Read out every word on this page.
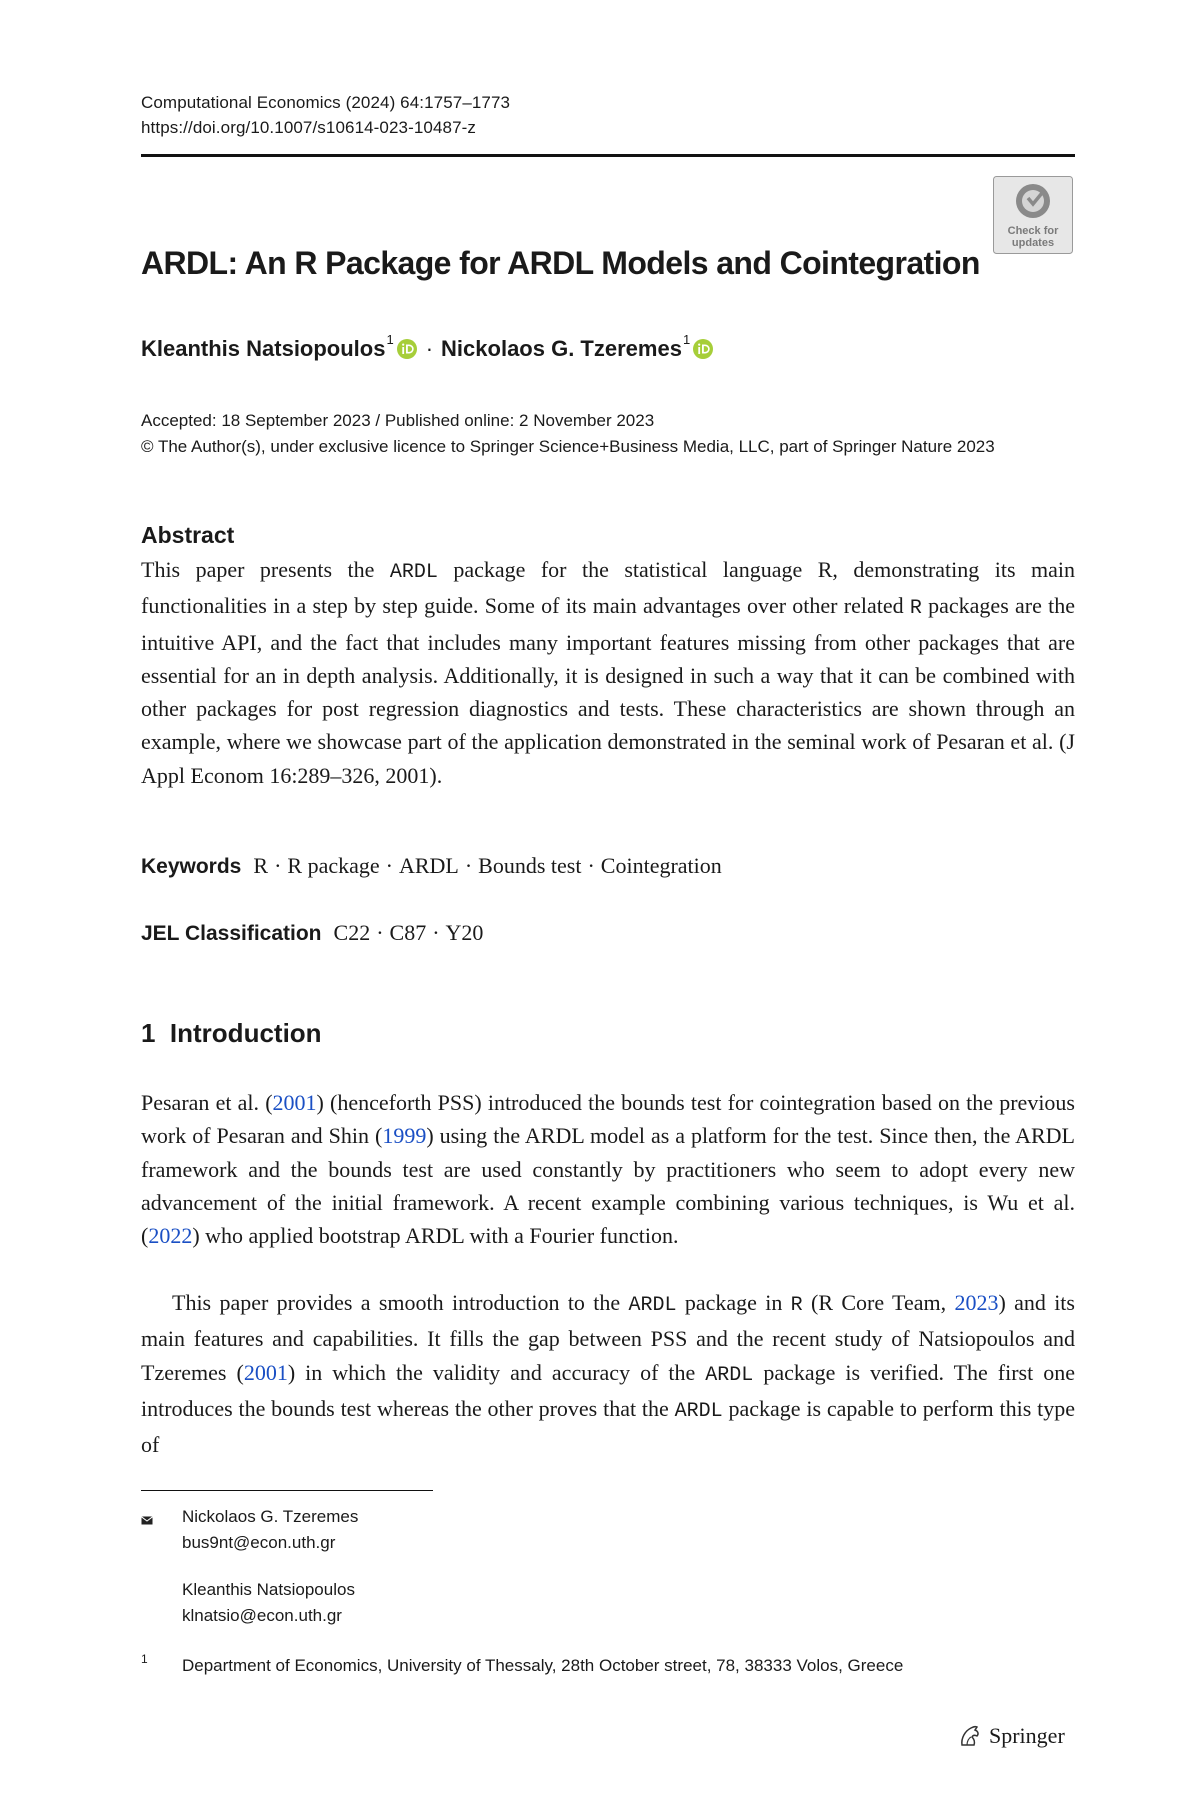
Computational Economics (2024) 64:1757–1773
https://doi.org/10.1007/s10614-023-10487-z
Check for
updates
ARDL: An R Package for ARDL Models and Cointegration
Kleanthis Natsiopoulos 1 · Nickolaos G. Tzeremes 1
Accepted: 18 September 2023 / Published online: 2 November 2023
© The Author(s), under exclusive licence to Springer Science+Business Media, LLC, part of Springer Nature 2023
Abstract

This paper presents the ARDL package for the statistical language R, demonstrating its main functionalities in a step by step guide. Some of its main advantages over other related R packages are the intuitive API, and the fact that includes many important features missing from other packages that are essential for an in depth analysis. Additionally, it is designed in such a way that it can be combined with other packages for post regression diagnostics and tests. These characteristics are shown through an example, where we showcase part of the application demonstrated in the seminal work of Pesaran et al. (J Appl Econom 16:289–326, 2001).

Keywords R · R package · ARDL · Bounds test · Cointegration
JEL Classification C22 · C87 · Y20
1 Introduction

Pesaran et al. (2001) (henceforth PSS) introduced the bounds test for cointegration based on the previous work of Pesaran and Shin (1999) using the ARDL model as a platform for the test. Since then, the ARDL framework and the bounds test are used constantly by practitioners who seem to adopt every new advancement of the initial framework. A recent example combining various techniques, is Wu et al. (2022) who applied bootstrap ARDL with a Fourier function.

This paper provides a smooth introduction to the ARDL package in R (R Core Team, 2023) and its main features and capabilities. It fills the gap between PSS and the recent study of Natsiopoulos and Tzeremes (2001) in which the validity and accuracy of the ARDL package is verified. The first one introduces the bounds test whereas the other proves that the ARDL package is capable to perform this type of

Nickolaos G. Tzeremes
bus9nt@econ.uth.gr
Kleanthis Natsiopoulos
klnatsio@econ.uth.gr
1 Department of Economics, University of Thessaly, 28th October street, 78, 38333 Volos, Greece
Springer
